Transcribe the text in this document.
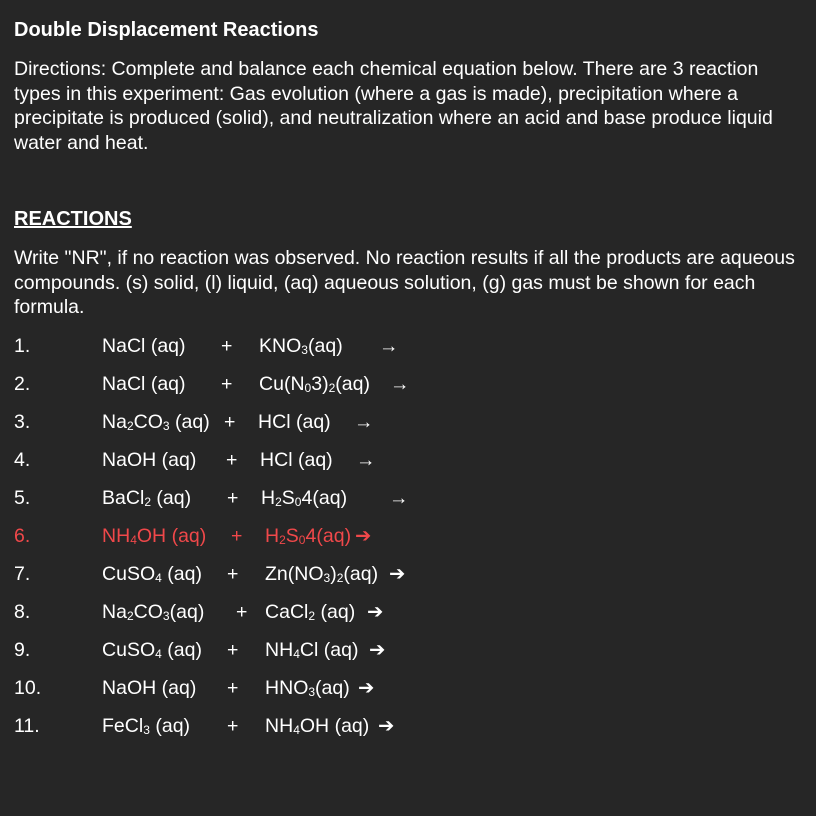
Double Displacement Reactions
Directions: Complete and balance each chemical equation below. There are 3 reaction types in this experiment: Gas evolution (where a gas is made), precipitation where a precipitate is produced (solid), and neutralization where an acid and base produce liquid water and heat.
REACTIONS
Write "NR", if no reaction was observed. No reaction results if all the products are aqueous compounds. (s) solid, (l) liquid, (aq) aqueous solution, (g) gas must be shown for each formula.
1.	NaCl $(aq) + KNO_3(aq)$ →
2.	NaCl $(aq) + Cu(N_03)_2(aq)$ →
3.	$Na_2CO_3$ (aq) + HCl (aq) →
4.	NaOH (aq) + HCl (aq) →
5.	BaCl$_2$ $(aq) + H_2S_04(aq)$ →
6.	$NH_4OH$ $(aq) + H_2S_04(aq)$ ➔
7.	CuSO$_4$ $(aq) + Zn(NO_3)_2(aq)$ ➔
8.	$Na_2CO_3(aq)$ + CaCl$_2$ (aq) ➔
9.	CuSO$_4$ $(aq) + NH_4Cl$ (aq) ➔
10.	NaOH $(aq) + HNO_3(aq)$ ➔
11.	FeCl$_3$ $(aq) + NH_4OH$ (aq) ➔
